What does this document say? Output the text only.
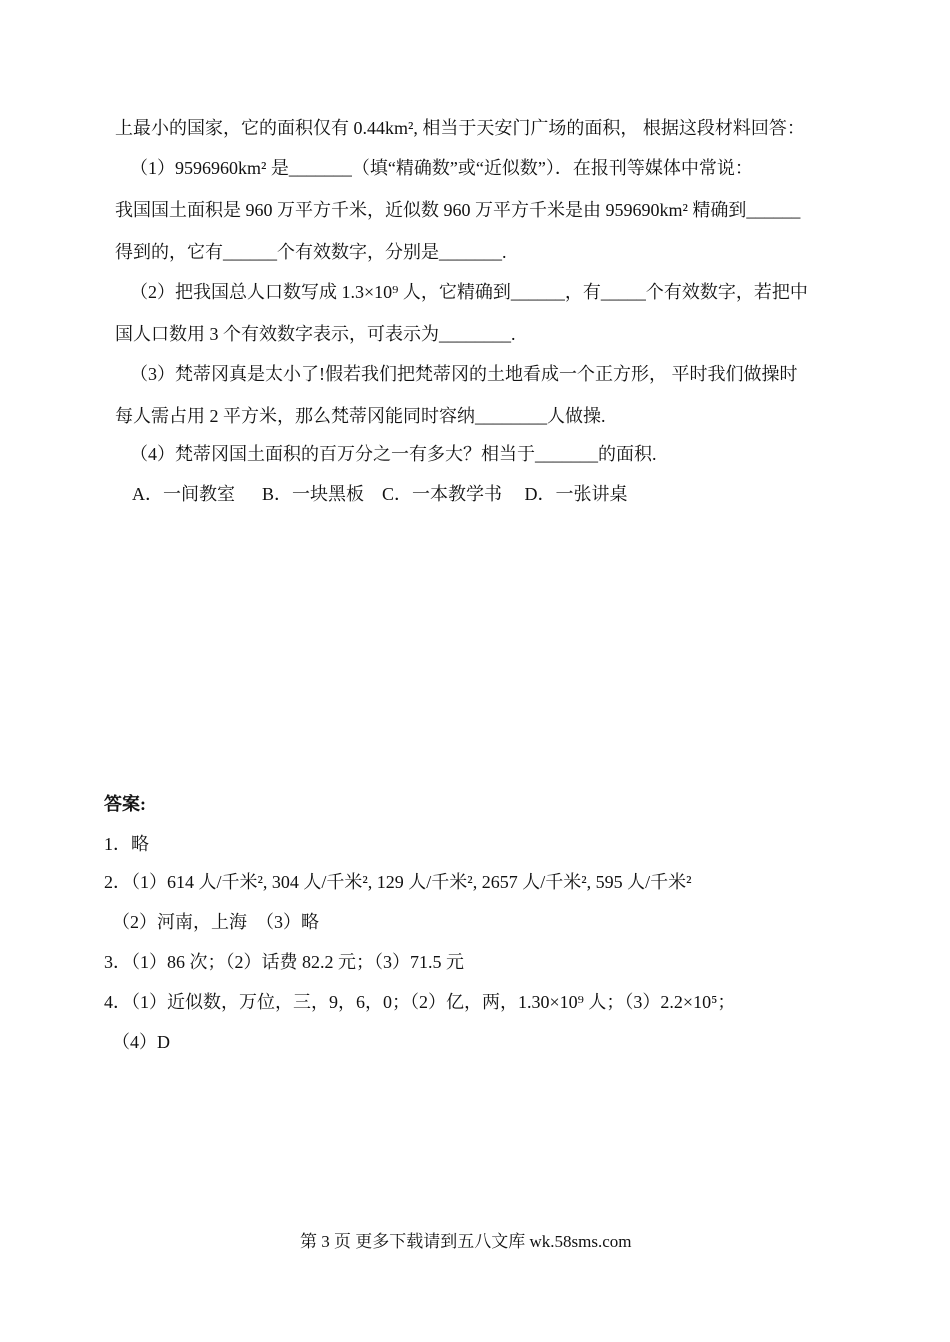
上最小的国家，它的面积仅有 0.44km², 相当于天安门广场的面积， 根据这段材料回答：
（1）9596960km² 是_______（填“精确数”或“近似数”）．在报刊等媒体中常说：
我国国土面积是 960 万平方千米，近似数 960 万平方千米是由 959690km² 精确到______
得到的，它有______个有效数字，分别是_______.
（2）把我国总人口数写成 1.3×10⁹ 人，它精确到______，有_____个有效数字，若把中
国人口数用 3 个有效数字表示，可表示为________.
（3）梵蒂冈真是太小了!假若我们把梵蒂冈的土地看成一个正方形， 平时我们做操时
每人需占用 2 平方米，那么梵蒂冈能同时容纳________人做操.
（4）梵蒂冈国土面积的百万分之一有多大？相当于_______的面积.
A．一间教室      B．一块黑板    C．一本教学书     D．一张讲桌
答案:
1．略
2．（1）614 人/千米², 304 人/千米², 129 人/千米², 2657 人/千米², 595 人/千米²
（2）河南，上海  （3）略
3．（1）86 次；（2）话费 82.2 元；（3）71.5 元
4．（1）近似数，万位，三，9，6，0；（2）亿，两，1.30×10⁹ 人；（3）2.2×10⁵；
（4）D
第 3 页 更多下载请到五八文库 wk.58sms.com
